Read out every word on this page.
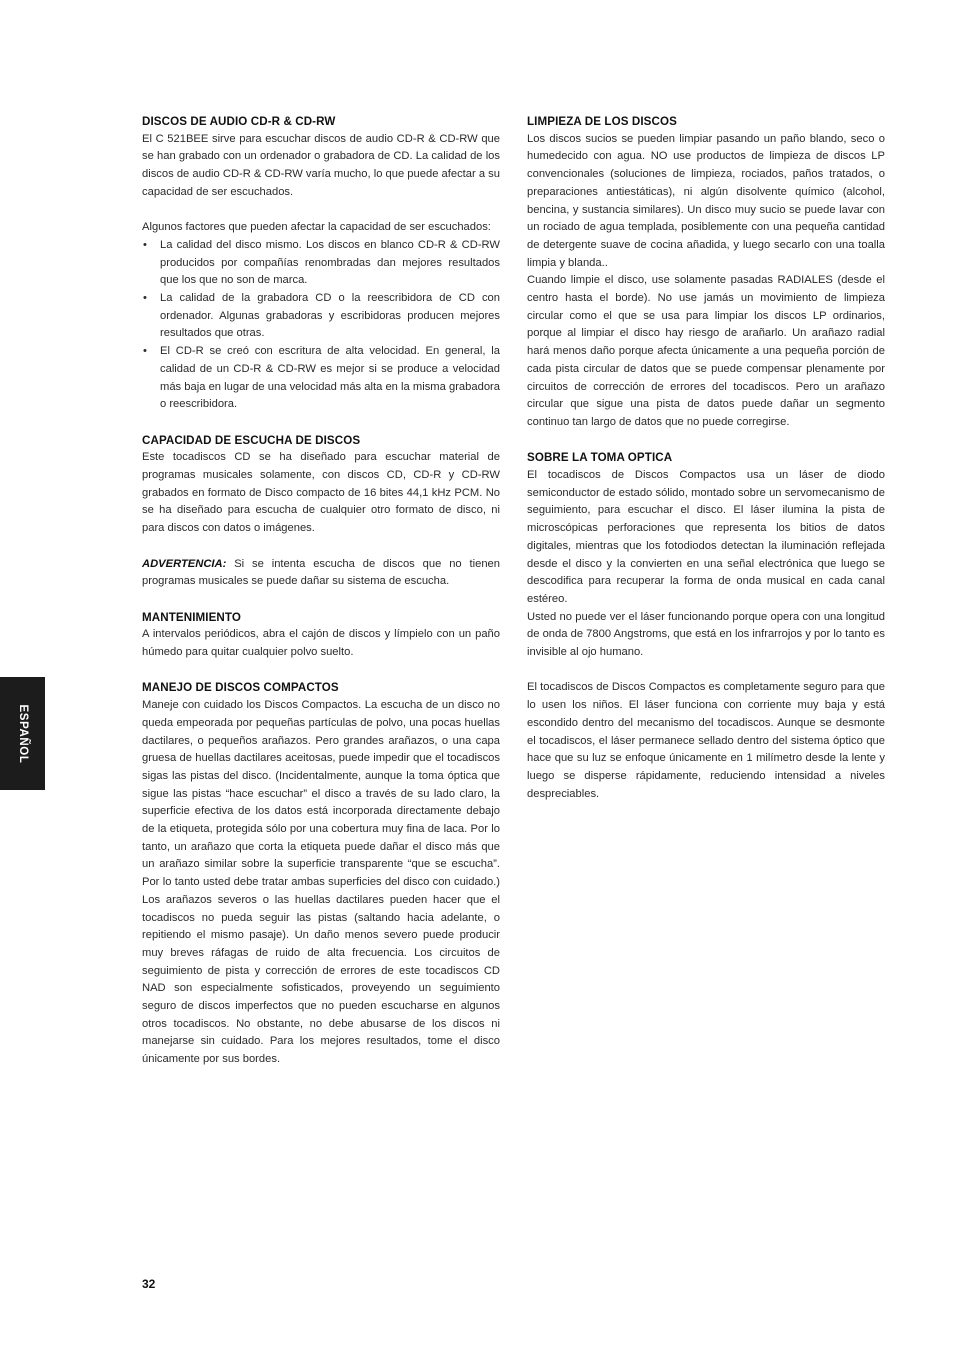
DISCOS DE AUDIO CD-R & CD-RW

El C 521BEE sirve para escuchar discos de audio CD-R & CD-RW que se han grabado con un ordenador o grabadora de CD. La calidad de los discos de audio CD-R & CD-RW varía mucho, lo que puede afectar a su capacidad de ser escuchados.

Algunos factores que pueden afectar la capacidad de ser escuchados:

• La calidad del disco mismo. Los discos en blanco CD-R & CD-RW producidos por compañías renombradas dan mejores resultados que los que no son de marca.
• La calidad de la grabadora CD o la reescribidora de CD con ordenador. Algunas grabadoras y escribidoras producen mejores resultados que otras.
• El CD-R se creó con escritura de alta velocidad. En general, la calidad de un CD-R & CD-RW es mejor si se produce a velocidad más baja en lugar de una velocidad más alta en la misma grabadora o reescribidora.
CAPACIDAD DE ESCUCHA DE DISCOS

Este tocadiscos CD se ha diseñado para escuchar material de programas musicales solamente, con discos CD, CD-R y CD-RW grabados en formato de Disco compacto de 16 bites 44,1 kHz PCM. No se ha diseñado para escucha de cualquier otro formato de disco, ni para discos con datos o imágenes.

ADVERTENCIA: Si se intenta escucha de discos que no tienen programas musicales se puede dañar su sistema de escucha.

MANTENIMIENTO

A intervalos periódicos, abra el cajón de discos y límpielo con un paño húmedo para quitar cualquier polvo suelto.

MANEJO DE DISCOS COMPACTOS

Maneje con cuidado los Discos Compactos. La escucha de un disco no queda empeorada por pequeñas partículas de polvo, una pocas huellas dactilares, o pequeños arañazos. Pero grandes arañazos, o una capa gruesa de huellas dactilares aceitosas, puede impedir que el tocadiscos sigas las pistas del disco. (Incidentalmente, aunque la toma óptica que sigue las pistas “hace escuchar” el disco a través de su lado claro, la superficie efectiva de los datos está incorporada directamente debajo de la etiqueta, protegida sólo por una cobertura muy fina de laca. Por lo tanto, un arañazo que corta la etiqueta puede dañar el disco más que un arañazo similar sobre la superficie transparente “que se escucha”. Por lo tanto usted debe tratar ambas superficies del disco con cuidado.) Los arañazos severos o las huellas dactilares pueden hacer que el tocadiscos no pueda seguir las pistas (saltando hacia adelante, o repitiendo el mismo pasaje). Un daño menos severo puede producir muy breves ráfagas de ruido de alta frecuencia. Los circuitos de seguimiento de pista y corrección de errores de este tocadiscos CD NAD son especialmente sofisticados, proveyendo un seguimiento seguro de discos imperfectos que no pueden escucharse en algunos otros tocadiscos. No obstante, no debe abusarse de los discos ni manejarse sin cuidado. Para los mejores resultados, tome el disco únicamente por sus bordes.

LIMPIEZA DE LOS DISCOS

Los discos sucios se pueden limpiar pasando un paño blando, seco o humedecido con agua. NO use productos de limpieza de discos LP convencionales (soluciones de limpieza, rociados, paños tratados, o preparaciones antiestáticas), ni algún disolvente químico (alcohol, bencina, y sustancia similares). Un disco muy sucio se puede lavar con un rociado de agua templada, posiblemente con una pequeña cantidad de detergente suave de cocina añadida, y luego secarlo con una toalla limpia y blanda..

Cuando limpie el disco, use solamente pasadas RADIALES (desde el centro hasta el borde). No use jamás un movimiento de limpieza circular como el que se usa para limpiar los discos LP ordinarios, porque al limpiar el disco hay riesgo de arañarlo. Un arañazo radial hará menos daño porque afecta únicamente a una pequeña porción de cada pista circular de datos que se puede compensar plenamente por circuitos de corrección de errores del tocadiscos. Pero un arañazo circular que sigue una pista de datos puede dañar un segmento continuo tan largo de datos que no puede corregirse.

SOBRE LA TOMA OPTICA

El tocadiscos de Discos Compactos usa un láser de diodo semiconductor de estado sólido, montado sobre un servomecanismo de seguimiento, para escuchar el disco. El láser ilumina la pista de microscópicas perforaciones que representa los bitios de datos digitales, mientras que los fotodiodos detectan la iluminación reflejada desde el disco y la convierten en una señal electrónica que luego se descodifica para recuperar la forma de onda musical en cada canal estéreo.

Usted no puede ver el láser funcionando porque opera con una longitud de onda de 7800 Angstroms, que está en los infrarrojos y por lo tanto es invisible al ojo humano.

El tocadiscos de Discos Compactos es completamente seguro para que lo usen los niños. El láser funciona con corriente muy baja y está escondido dentro del mecanismo del tocadiscos. Aunque se desmonte el tocadiscos, el láser permanece sellado dentro del sistema óptico que hace que su luz se enfoque únicamente en 1 milímetro desde la lente y luego se disperse rápidamente, reduciendo intensidad a niveles despreciables.

ESPAÑOL
32
